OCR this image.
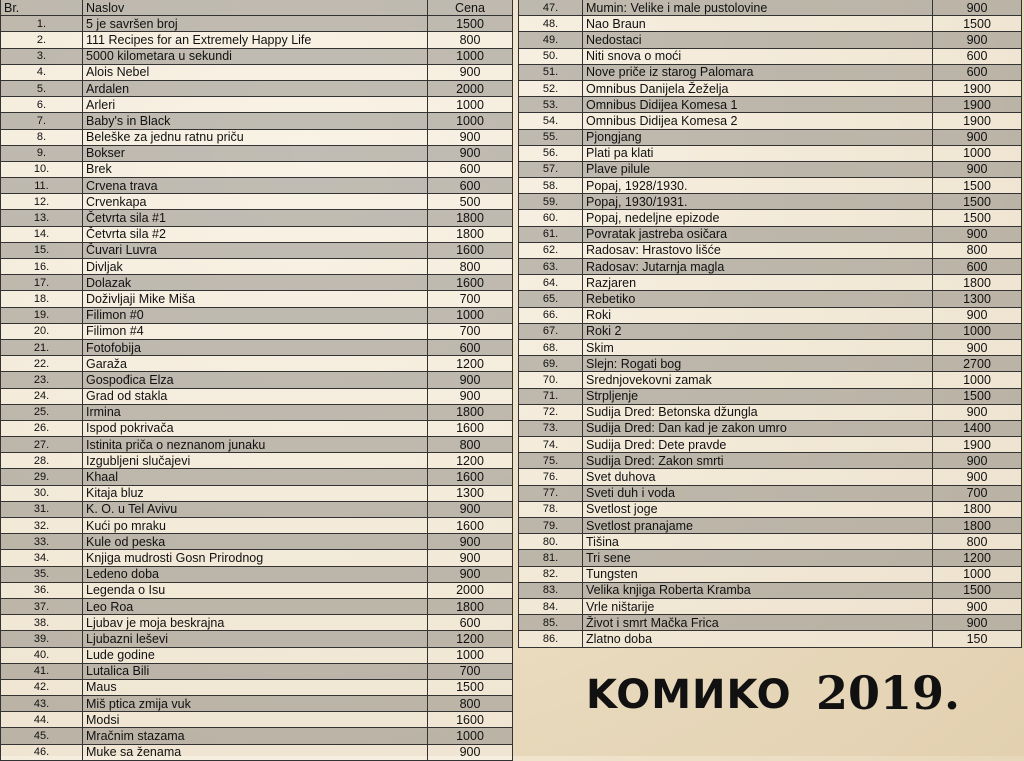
Br.	Naslov	Cena
1.	5 je savršen broj	1500
2.	111 Recipes for an Extremely Happy Life	800
3.	5000 kilometara u sekundi	1000
4.	Alois Nebel	900
5.	Ardalen	2000
6.	Arleri	1000
7.	Baby's in Black	1000
8.	Beleške za jednu ratnu priču	900
9.	Bokser	900
10.	Brek	600
11.	Crvena trava	600
12.	Crvenkapa	500
13.	Četvrta sila #1	1800
14.	Četvrta sila #2	1800
15.	Čuvari Luvra	1600
16.	Divljak	800
17.	Dolazak	1600
18.	Doživljaji Mike Miša	700
19.	Filimon #0	1000
20.	Filimon #4	700
21.	Fotofobija	600
22.	Garaža	1200
23.	Gospođica Elza	900
24.	Grad od stakla	900
25.	Irmina	1800
26.	Ispod pokrivača	1600
27.	Istinita priča o neznanom junaku	800
28.	Izgubljeni slučajevi	1200
29.	Khaal	1600
30.	Kitaja bluz	1300
31.	K. O. u Tel Avivu	900
32.	Kući po mraku	1600
33.	Kule od peska	900
34.	Knjiga mudrosti Gosn Prirodnog	900
35.	Ledeno doba	900
36.	Legenda o Isu	2000
37.	Leo Roa	1800
38.	Ljubav je moja beskrajna	600
39.	Ljubazni leševi	1200
40.	Lude godine	1000
41.	Lutalica Bili	700
42.	Maus	1500
43.	Miš ptica zmija vuk	800
44.	Modsi	1600
45.	Mračnim stazama	1000
46.	Muke sa ženama	900
47.	Mumin: Velike i male pustolovine	900
48.	Nao Braun	1500
49.	Nedostaci	900
50.	Niti snova o moći	600
51.	Nove priče iz starog Palomara	600
52.	Omnibus Danijela Žeželja	1900
53.	Omnibus Didijea Komesa 1	1900
54.	Omnibus Didijea Komesa 2	1900
55.	Pjongjang	900
56.	Plati pa klati	1000
57.	Plave pilule	900
58.	Popaj, 1928/1930.	1500
59.	Popaj, 1930/1931.	1500
60.	Popaj, nedeljne epizode	1500
61.	Povratak jastreba osičara	900
62.	Radosav: Hrastovo lišće	800
63.	Radosav: Jutarnja magla	600
64.	Razjaren	1800
65.	Rebetiko	1300
66.	Roki	900
67.	Roki 2	1000
68.	Skim	900
69.	Slejn: Rogati bog	2700
70.	Srednjovekovni zamak	1000
71.	Strpljenje	1500
72.	Sudija Dred: Betonska džungla	900
73.	Sudija Dred: Dan kad je zakon umro	1400
74.	Sudija Dred: Dete pravde	1900
75.	Sudija Dred: Zakon smrti	900
76.	Svet duhova	900
77.	Sveti duh i voda	700
78.	Svetlost joge	1800
79.	Svetlost pranajame	1800
80.	Tišina	800
81.	Tri sene	1200
82.	Tungsten	1000
83.	Velika knjiga Roberta Kramba	1500
84.	Vrle ništarije	900
85.	Život i smrt Mačka Frica	900
86.	Zlatno doba	150
KOMИKO 2019.
